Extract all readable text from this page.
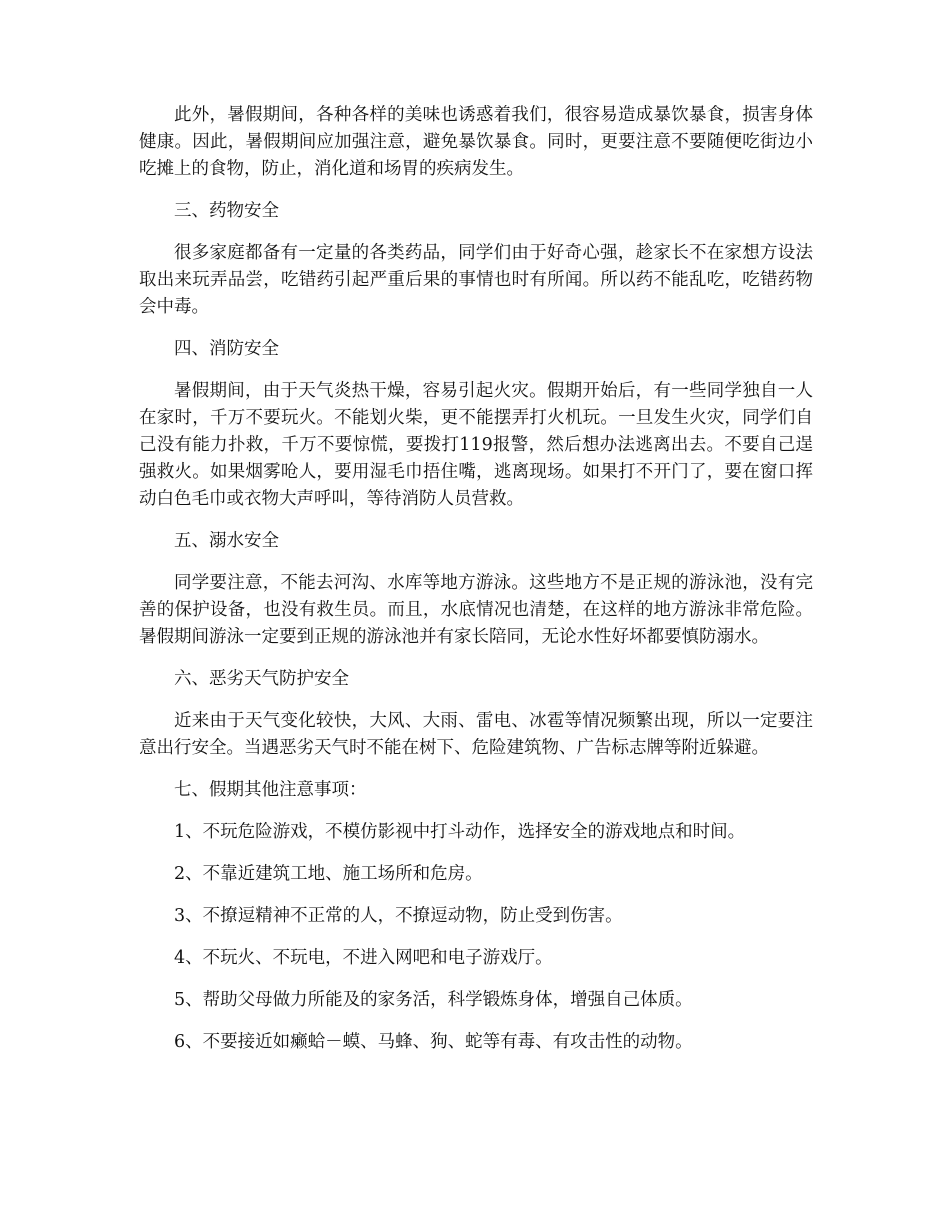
此外，暑假期间，各种各样的美味也诱惑着我们，很容易造成暴饮暴食，损害身体健康。因此，暑假期间应加强注意，避免暴饮暴食。同时，更要注意不要随便吃街边小吃摊上的食物，防止，消化道和场胃的疾病发生。

三、药物安全

很多家庭都备有一定量的各类药品，同学们由于好奇心强，趁家长不在家想方设法取出来玩弄品尝，吃错药引起严重后果的事情也时有所闻。所以药不能乱吃，吃错药物会中毒。

四、消防安全

暑假期间，由于天气炎热干燥，容易引起火灾。假期开始后，有一些同学独自一人在家时，千万不要玩火。不能划火柴，更不能摆弄打火机玩。一旦发生火灾，同学们自己没有能力扑救，千万不要惊慌，要拨打119报警，然后想办法逃离出去。不要自己逞强救火。如果烟雾呛人，要用湿毛巾捂住嘴，逃离现场。如果打不开门了，要在窗口挥动白色毛巾或衣物大声呼叫，等待消防人员营救。

五、溺水安全

同学要注意，不能去河沟、水库等地方游泳。这些地方不是正规的游泳池，没有完善的保护设备，也没有救生员。而且，水底情况也清楚，在这样的地方游泳非常危险。暑假期间游泳一定要到正规的游泳池并有家长陪同，无论水性好坏都要慎防溺水。

六、恶劣天气防护安全

近来由于天气变化较快，大风、大雨、雷电、冰雹等情况频繁出现，所以一定要注意出行安全。当遇恶劣天气时不能在树下、危险建筑物、广告标志牌等附近躲避。

七、假期其他注意事项：

1、不玩危险游戏，不模仿影视中打斗动作，选择安全的游戏地点和时间。

2、不靠近建筑工地、施工场所和危房。

3、不撩逗精神不正常的人，不撩逗动物，防止受到伤害。

4、不玩火、不玩电，不进入网吧和电子游戏厅。

5、帮助父母做力所能及的家务活，科学锻炼身体，增强自己体质。

6、不要接近如癞蛤－蟆、马蜂、狗、蛇等有毒、有攻击性的动物。
